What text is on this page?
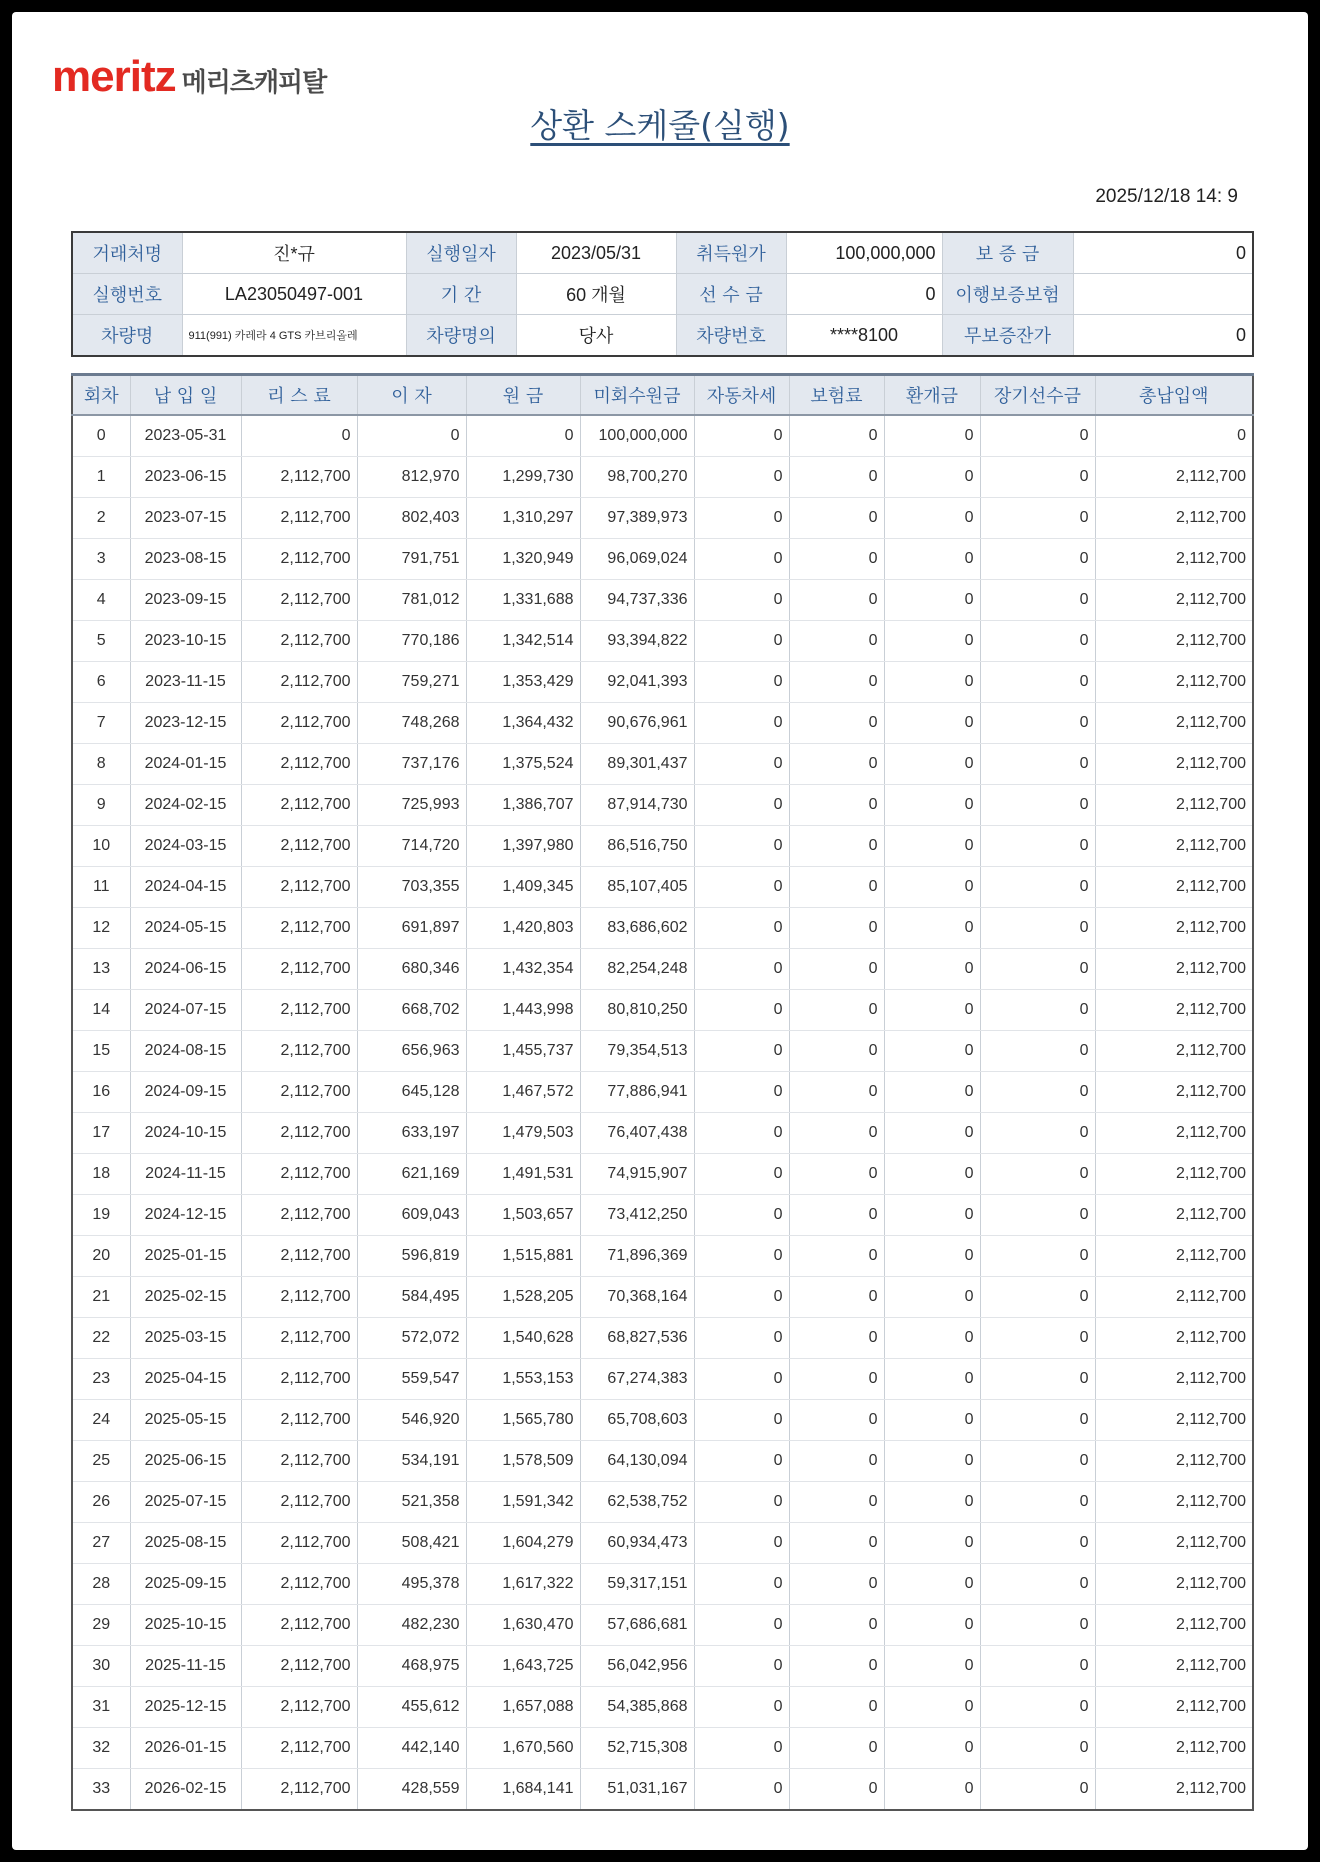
meritz 메리츠캐피탈
상환 스케줄(실행)
2025/12/18 14: 9
거래처명	진*규	실행일자	2023/05/31	취득원가	100,000,000	보 증 금	0
실행번호	LA23050497-001	기 간	60 개월	선 수 금	0	이행보증보험	
차량명	911(991) 카레라 4 GTS 카브리올레	차량명의	당사	차량번호	****8100	무보증잔가	0
회차	납 입 일	리 스 료	이 자	원 금	미회수원금	자동차세	보험료	환개금	장기선수금	총납입액
0	2023-05-31	0	0	0	100,000,000	0	0	0	0	0
1	2023-06-15	2,112,700	812,970	1,299,730	98,700,270	0	0	0	0	2,112,700
2	2023-07-15	2,112,700	802,403	1,310,297	97,389,973	0	0	0	0	2,112,700
3	2023-08-15	2,112,700	791,751	1,320,949	96,069,024	0	0	0	0	2,112,700
4	2023-09-15	2,112,700	781,012	1,331,688	94,737,336	0	0	0	0	2,112,700
5	2023-10-15	2,112,700	770,186	1,342,514	93,394,822	0	0	0	0	2,112,700
6	2023-11-15	2,112,700	759,271	1,353,429	92,041,393	0	0	0	0	2,112,700
7	2023-12-15	2,112,700	748,268	1,364,432	90,676,961	0	0	0	0	2,112,700
8	2024-01-15	2,112,700	737,176	1,375,524	89,301,437	0	0	0	0	2,112,700
9	2024-02-15	2,112,700	725,993	1,386,707	87,914,730	0	0	0	0	2,112,700
10	2024-03-15	2,112,700	714,720	1,397,980	86,516,750	0	0	0	0	2,112,700
11	2024-04-15	2,112,700	703,355	1,409,345	85,107,405	0	0	0	0	2,112,700
12	2024-05-15	2,112,700	691,897	1,420,803	83,686,602	0	0	0	0	2,112,700
13	2024-06-15	2,112,700	680,346	1,432,354	82,254,248	0	0	0	0	2,112,700
14	2024-07-15	2,112,700	668,702	1,443,998	80,810,250	0	0	0	0	2,112,700
15	2024-08-15	2,112,700	656,963	1,455,737	79,354,513	0	0	0	0	2,112,700
16	2024-09-15	2,112,700	645,128	1,467,572	77,886,941	0	0	0	0	2,112,700
17	2024-10-15	2,112,700	633,197	1,479,503	76,407,438	0	0	0	0	2,112,700
18	2024-11-15	2,112,700	621,169	1,491,531	74,915,907	0	0	0	0	2,112,700
19	2024-12-15	2,112,700	609,043	1,503,657	73,412,250	0	0	0	0	2,112,700
20	2025-01-15	2,112,700	596,819	1,515,881	71,896,369	0	0	0	0	2,112,700
21	2025-02-15	2,112,700	584,495	1,528,205	70,368,164	0	0	0	0	2,112,700
22	2025-03-15	2,112,700	572,072	1,540,628	68,827,536	0	0	0	0	2,112,700
23	2025-04-15	2,112,700	559,547	1,553,153	67,274,383	0	0	0	0	2,112,700
24	2025-05-15	2,112,700	546,920	1,565,780	65,708,603	0	0	0	0	2,112,700
25	2025-06-15	2,112,700	534,191	1,578,509	64,130,094	0	0	0	0	2,112,700
26	2025-07-15	2,112,700	521,358	1,591,342	62,538,752	0	0	0	0	2,112,700
27	2025-08-15	2,112,700	508,421	1,604,279	60,934,473	0	0	0	0	2,112,700
28	2025-09-15	2,112,700	495,378	1,617,322	59,317,151	0	0	0	0	2,112,700
29	2025-10-15	2,112,700	482,230	1,630,470	57,686,681	0	0	0	0	2,112,700
30	2025-11-15	2,112,700	468,975	1,643,725	56,042,956	0	0	0	0	2,112,700
31	2025-12-15	2,112,700	455,612	1,657,088	54,385,868	0	0	0	0	2,112,700
32	2026-01-15	2,112,700	442,140	1,670,560	52,715,308	0	0	0	0	2,112,700
33	2026-02-15	2,112,700	428,559	1,684,141	51,031,167	0	0	0	0	2,112,700
